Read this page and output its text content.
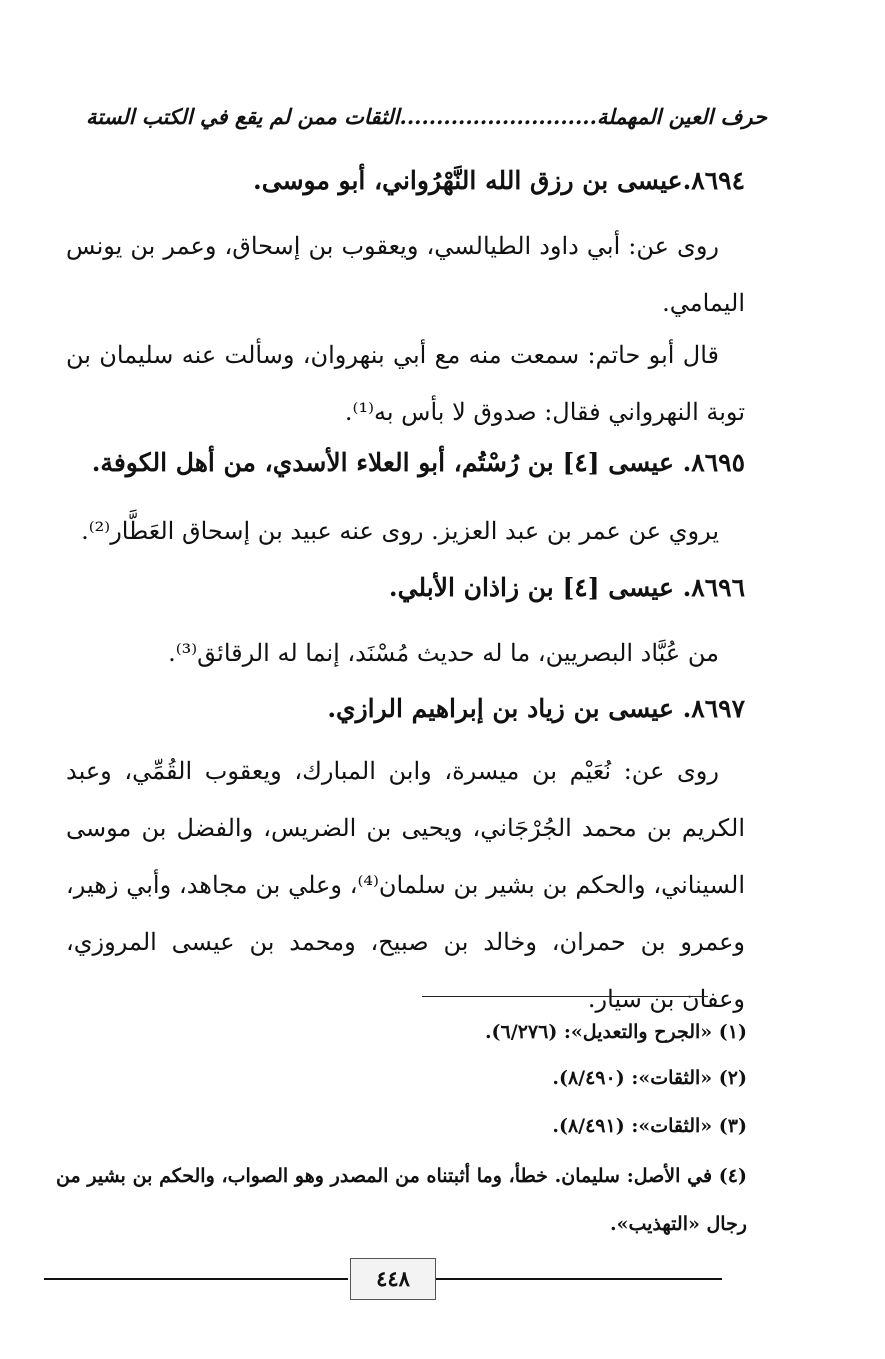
الثقات ممن لم يقع في الكتب الستة	حرف العين المهملة
...........................
٨٦٩٤.عيسى بن رزق الله النَّهْرُواني، أبو موسى.
روى عن: أبي داود الطيالسي، ويعقوب بن إسحاق، وعمر بن يونس اليمامي.
قال أبو حاتم: سمعت منه مع أبي بنهروان، وسألت عنه سليمان بن توبة النهرواني فقال: صدوق لا بأس به⁽¹⁾.
٨٦٩٥. عيسى [٤] بن رُسْتُم، أبو العلاء الأسدي، من أهل الكوفة.
يروي عن عمر بن عبد العزيز. روى عنه عبيد بن إسحاق العَطَّار⁽²⁾.
٨٦٩٦. عيسى [٤] بن زاذان الأبلي.
من عُبَّاد البصريين، ما له حديث مُسْنَد، إنما له الرقائق⁽³⁾.
٨٦٩٧. عيسى بن زياد بن إبراهيم الرازي.
روى عن: نُعَيْم بن ميسرة، وابن المبارك، ويعقوب القُمِّي، وعبد الكريم بن محمد الجُرْجَاني، ويحيى بن الضريس، والفضل بن موسى السيناني، والحكم بن بشير بن سلمان⁽⁴⁾، وعلي بن مجاهد، وأبي زهير، وعمرو بن حمران، وخالد بن صبيح، ومحمد بن عيسى المروزي، وعفان بن سيار.
(١) «الجرح والتعديل»: (٦/٢٧٦).
(٢) «الثقات»: (٨/٤٩٠).
(٣) «الثقات»: (٨/٤٩١).
(٤) في الأصل: سليمان. خطأ، وما أثبتناه من المصدر وهو الصواب، والحكم بن بشير من رجال «التهذيب».
٤٤٨
